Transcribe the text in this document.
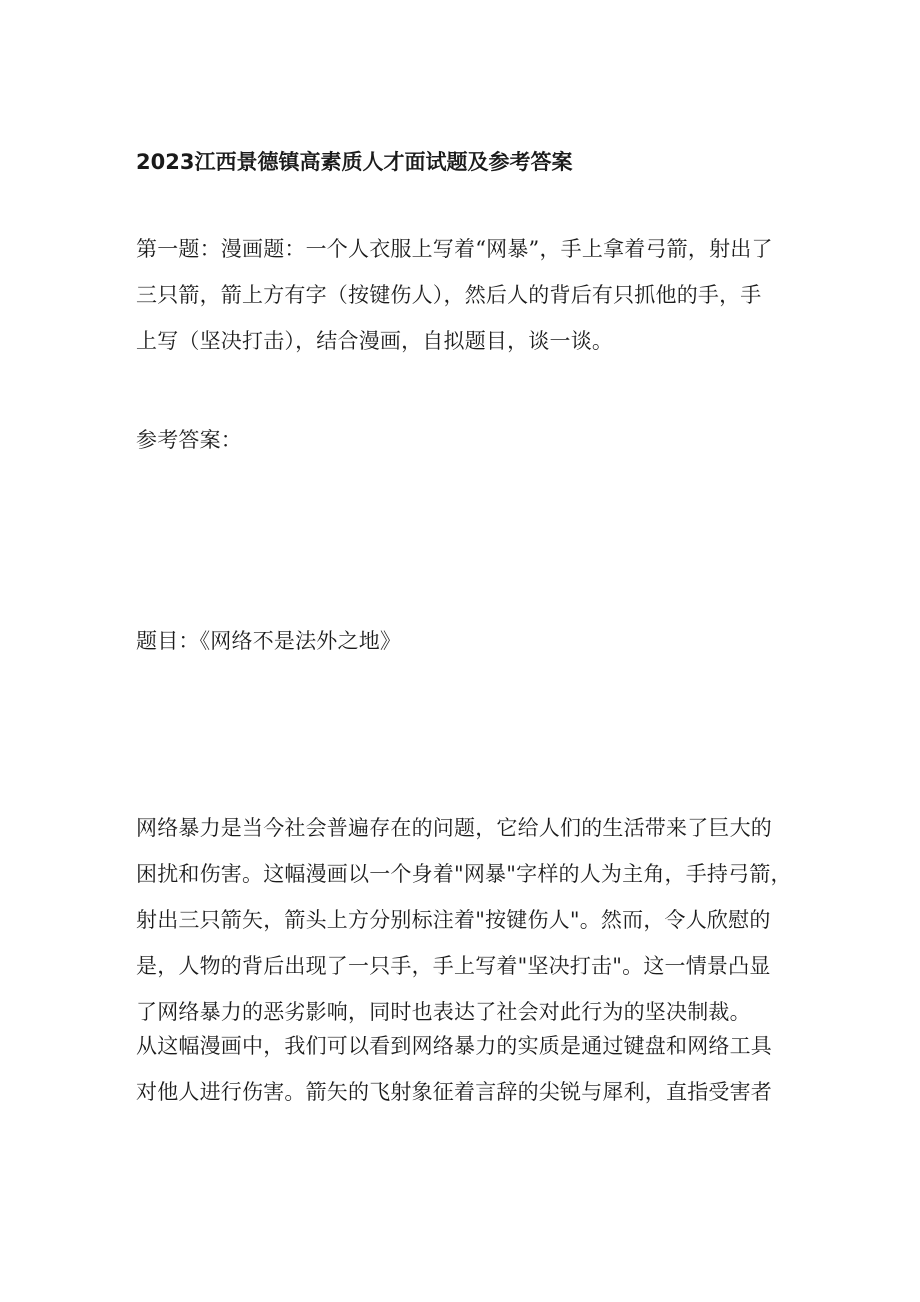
2023江西景德镇高素质人才面试题及参考答案
第一题：漫画题：一个人衣服上写着“网暴”，手上拿着弓箭，射出了
三只箭，箭上方有字（按键伤人），然后人的背后有只抓他的手，手
上写（坚决打击），结合漫画，自拟题目，谈一谈。
参考答案：
题目：《网络不是法外之地》
网络暴力是当今社会普遍存在的问题，它给人们的生活带来了巨大的
困扰和伤害。这幅漫画以一个身着"网暴"字样的人为主角，手持弓箭，
射出三只箭矢，箭头上方分别标注着"按键伤人"。然而，令人欣慰的
是，人物的背后出现了一只手，手上写着"坚决打击"。这一情景凸显
了网络暴力的恶劣影响，同时也表达了社会对此行为的坚决制裁。
从这幅漫画中，我们可以看到网络暴力的实质是通过键盘和网络工具
对他人进行伤害。箭矢的飞射象征着言辞的尖锐与犀利，直指受害者
